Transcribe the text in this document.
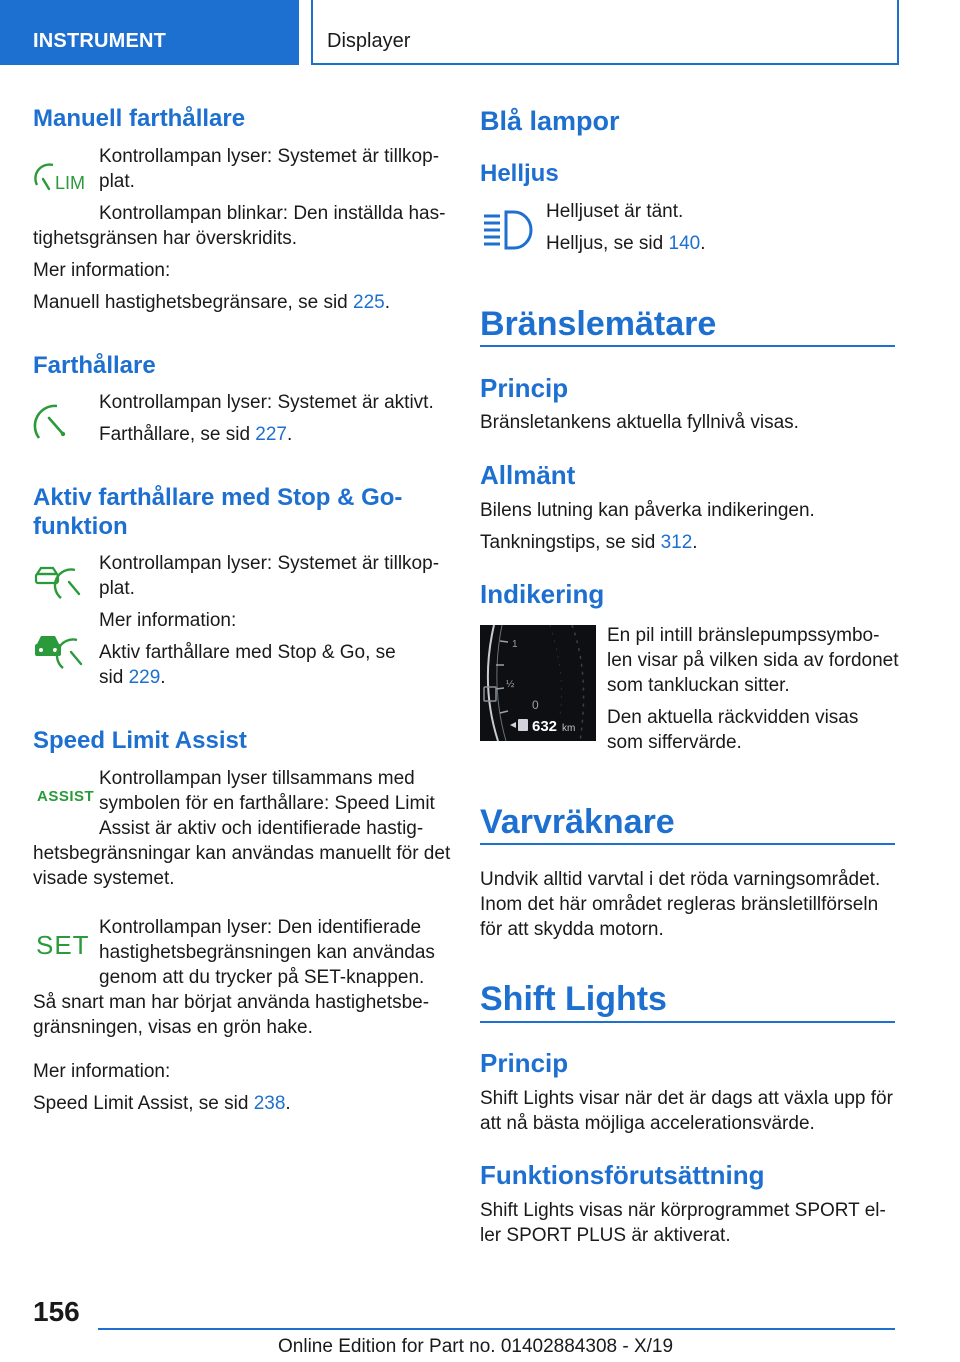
INSTRUMENT	Displayer
Manuell farthållare
LIM
Kontrollampan lyser: Systemet är tillkop-
plat.
Kontrollampan blinkar: Den inställda has-
tighetsgränsen har överskridits.
Mer information:
Manuell hastighetsbegränsare, se sid 225.
Farthållare
Kontrollampan lyser: Systemet är aktivt.
Farthållare, se sid 227.
Aktiv farthållare med Stop & Go-
funktion
Kontrollampan lyser: Systemet är tillkop-
plat.
Mer information:
Aktiv farthållare med Stop & Go, se
sid 229.
Speed Limit Assist
ASSIST
Kontrollampan lyser tillsammans med
symbolen för en farthållare: Speed Limit
Assist är aktiv och identifierade hastig-
hetsbegränsningar kan användas manuellt för det
visade systemet.
SET
Kontrollampan lyser: Den identifierade
hastighetsbegränsningen kan användas
genom att du trycker på SET-knappen.
Så snart man har börjat använda hastighetsbe-
gränsningen, visas en grön hake.
Mer information:
Speed Limit Assist, se sid 238.
Blå lampor
Helljus
Helljuset är tänt.
Helljus, se sid 140.
Bränslemätare
Princip
Bränsletankens aktuella fyllnivå visas.
Allmänt
Bilens lutning kan påverka indikeringen.
Tankningstips, se sid 312.
Indikering
1
½
0
632 km
En pil intill bränslepumpssymbo-
len visar på vilken sida av fordonet
som tankluckan sitter.
Den aktuella räckvidden visas
som siffervärde.
Varvräknare
Undvik alltid varvtal i det röda varningsområdet.
Inom det här området regleras bränsletillförseln
för att skydda motorn.
Shift Lights
Princip
Shift Lights visar när det är dags att växla upp för
att nå bästa möjliga accelerationsvärde.
Funktionsförutsättning
Shift Lights visas när körprogrammet SPORT el-
ler SPORT PLUS är aktiverat.
156
Online Edition for Part no. 01402884308 - X/19
